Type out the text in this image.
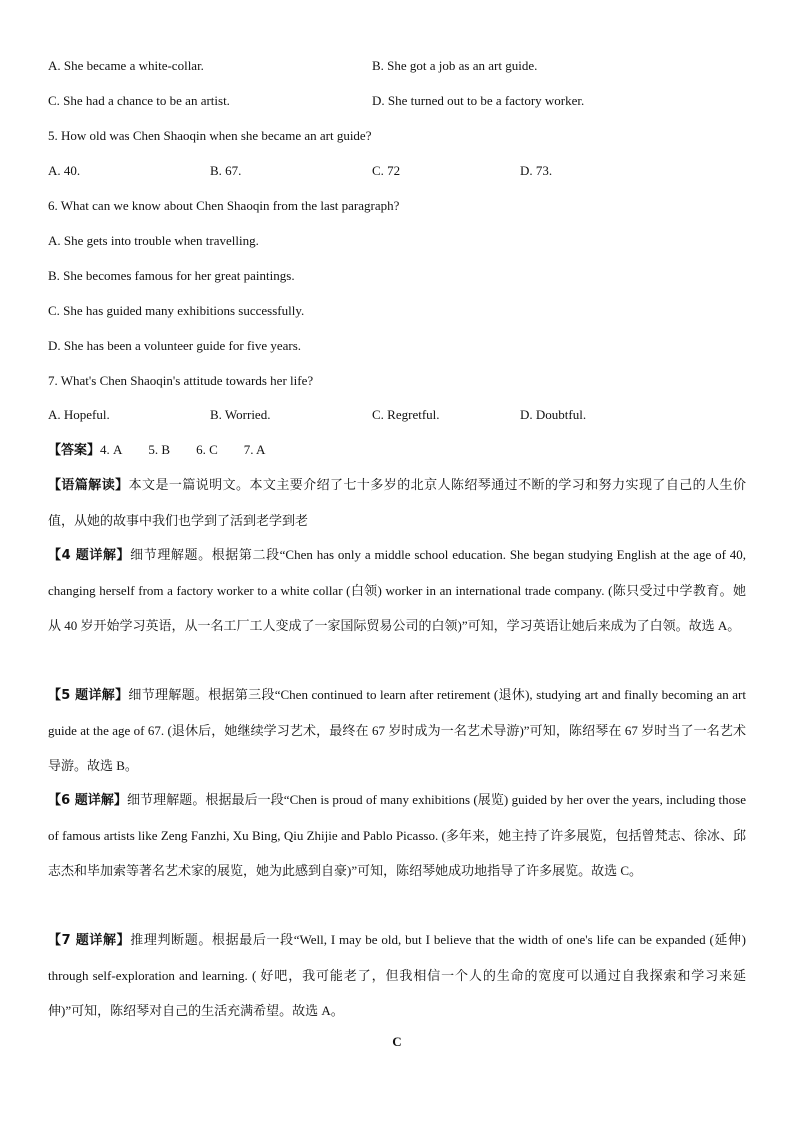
A. She became a white-collar.	B. She got a job as an art guide.
C. She had a chance to be an artist.	D. She turned out to be a factory worker.
5. How old was Chen Shaoqin when she became an art guide?
A. 40.	B. 67.	C. 72	D. 73.
6. What can we know about Chen Shaoqin from the last paragraph?
A. She gets into trouble when travelling.
B. She becomes famous for her great paintings.
C. She has guided many exhibitions successfully.
D. She has been a volunteer guide for five years.
7. What's Chen Shaoqin's attitude towards her life?
A. Hopeful.	B. Worried.	C. Regretful.	D. Doubtful.
【答案】4. A 5. B 6. C 7. A
【语篇解读】本文是一篇说明文。本文主要介绍了七十多岁的北京人陈绍琴通过不断的学习和努力实现了自己的人生价值，从她的故事中我们也学到了活到老学到老
【4 题详解】细节理解题。根据第二段“Chen has only a middle school education. She began studying English at the age of 40, changing herself from a factory worker to a white collar (白领) worker in an international trade company. (陈只受过中学教育。她从 40 岁开始学习英语，从一名工厂工人变成了一家国际贸易公司的白领)”可知，学习英语让她后来成为了白领。故选 A。
【5 题详解】细节理解题。根据第三段“Chen continued to learn after retirement (退休), studying art and finally becoming an art guide at the age of 67. (退休后，她继续学习艺术，最终在 67 岁时成为一名艺术导游)”可知，陈绍琴在 67 岁时当了一名艺术导游。故选 B。
【6 题详解】细节理解题。根据最后一段“Chen is proud of many exhibitions (展览) guided by her over the years, including those of famous artists like Zeng Fanzhi, Xu Bing, Qiu Zhijie and Pablo Picasso. (多年来，她主持了许多展览，包括曾梵志、徐冰、邱志杰和毕加索等著名艺术家的展览，她为此感到自豪)”可知，陈绍琴她成功地指导了许多展览。故选 C。
【7 题详解】推理判断题。根据最后一段“Well, I may be old, but I believe that the width of one's life can be expanded (延伸) through self-exploration and learning. ( 好吧，我可能老了，但我相信一个人的生命的宽度可以通过自我探索和学习来延伸)”可知，陈绍琴对自己的生活充满希望。故选 A。
C
